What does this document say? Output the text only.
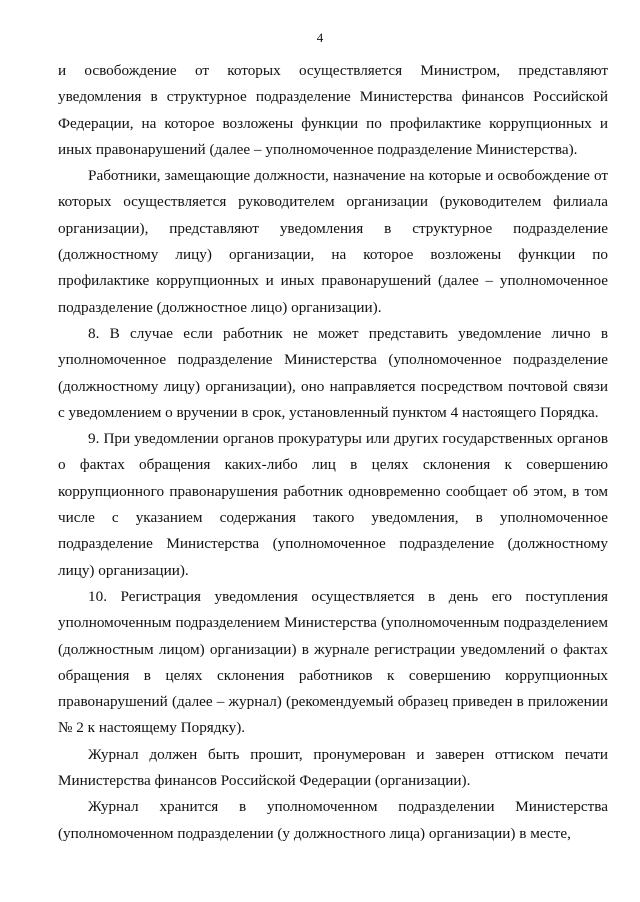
4

и освобождение от которых осуществляется Министром, представляют уведомления в структурное подразделение Министерства финансов Российской Федерации, на которое возложены функции по профилактике коррупционных и иных правонарушений (далее – уполномоченное подразделение Министерства).

Работники, замещающие должности, назначение на которые и освобождение от которых осуществляется руководителем организации (руководителем филиала организации), представляют уведомления в структурное подразделение (должностному лицу) организации, на которое возложены функции по профилактике коррупционных и иных правонарушений (далее – уполномоченное подразделение (должностное лицо) организации).

8. В случае если работник не может представить уведомление лично в уполномоченное подразделение Министерства (уполномоченное подразделение (должностному лицу) организации), оно направляется посредством почтовой связи с уведомлением о вручении в срок, установленный пунктом 4 настоящего Порядка.

9. При уведомлении органов прокуратуры или других государственных органов о фактах обращения каких-либо лиц в целях склонения к совершению коррупционного правонарушения работник одновременно сообщает об этом, в том числе с указанием содержания такого уведомления, в уполномоченное подразделение Министерства (уполномоченное подразделение (должностному лицу) организации).

10. Регистрация уведомления осуществляется в день его поступления уполномоченным подразделением Министерства (уполномоченным подразделением (должностным лицом) организации) в журнале регистрации уведомлений о фактах обращения в целях склонения работников к совершению коррупционных правонарушений (далее – журнал) (рекомендуемый образец приведен в приложении № 2 к настоящему Порядку).

Журнал должен быть прошит, пронумерован и заверен оттиском печати Министерства финансов Российской Федерации (организации).

Журнал хранится в уполномоченном подразделении Министерства (уполномоченном подразделении (у должностного лица) организации) в месте,
